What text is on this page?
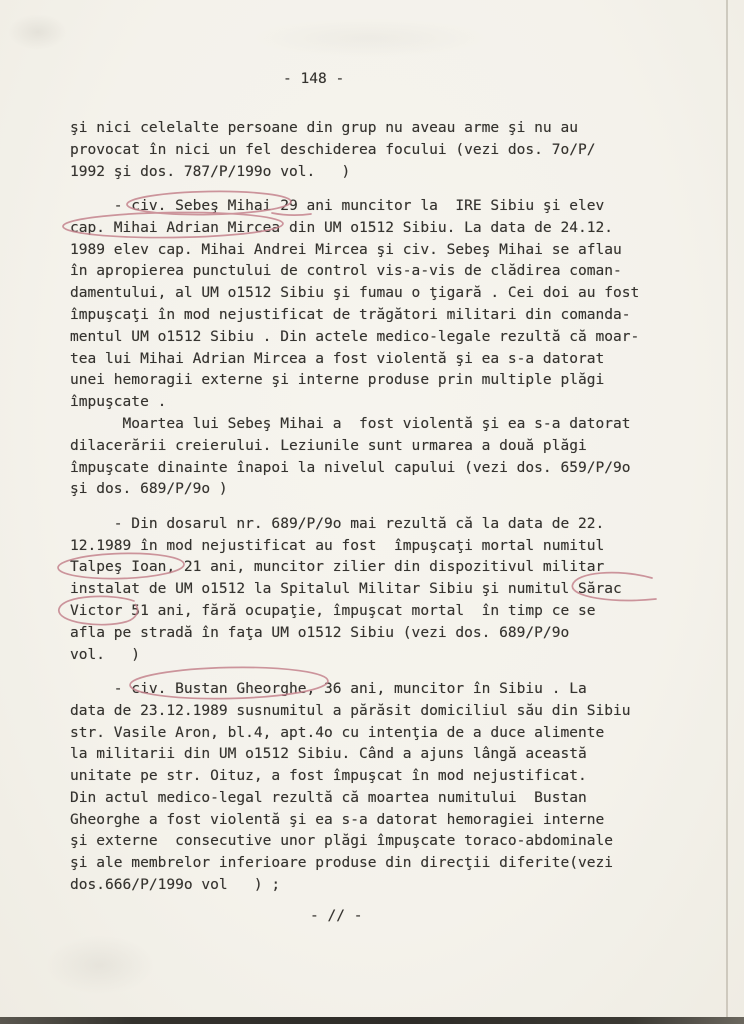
- 148 -
şi nici celelalte persoane din grup nu aveau arme şi nu au
provocat în nici un fel deschiderea focului (vezi dos. 7o/P/
1992 şi dos. 787/P/199o vol.   )
- civ. Sebeş Mihai 29 ani muncitor la  IRE Sibiu şi elev
cap. Mihai Adrian Mircea din UM o1512 Sibiu. La data de 24.12.
1989 elev cap. Mihai Andrei Mircea şi civ. Sebeş Mihai se aflau
în apropierea punctului de control vis-a-vis de clădirea coman-
damentului, al UM o1512 Sibiu şi fumau o ţigară . Cei doi au fost
împuşcaţi în mod nejustificat de trăgători militari din comanda-
mentul UM o1512 Sibiu . Din actele medico-legale rezultă că moar-
tea lui Mihai Adrian Mircea a fost violentă şi ea s-a datorat
unei hemoragii externe şi interne produse prin multiple plăgi
împuşcate .
Moartea lui Sebeş Mihai a  fost violentă şi ea s-a datorat
dilacerării creierului. Leziunile sunt urmarea a două plăgi
împuşcate dinainte înapoi la nivelul capului (vezi dos. 659/P/9o
şi dos. 689/P/9o )
- Din dosarul nr. 689/P/9o mai rezultă că la data de 22.
12.1989 în mod nejustificat au fost  împuşcaţi mortal numitul
Talpeş Ioan, 21 ani, muncitor zilier din dispozitivul militar
instalat de UM o1512 la Spitalul Militar Sibiu şi numitul Sărac
Victor 51 ani, fără ocupaţie, împuşcat mortal  în timp ce se
afla pe stradă în faţa UM o1512 Sibiu (vezi dos. 689/P/9o
vol.   )
- civ. Bustan Gheorghe, 36 ani, muncitor în Sibiu . La
data de 23.12.1989 susnumitul a părăsit domiciliul său din Sibiu
str. Vasile Aron, bl.4, apt.4o cu intenţia de a duce alimente
la militarii din UM o1512 Sibiu. Când a ajuns lângă această
unitate pe str. Oituz, a fost împuşcat în mod nejustificat.
Din actul medico-legal rezultă că moartea numitului  Bustan
Gheorghe a fost violentă şi ea s-a datorat hemoragiei interne
şi externe  consecutive unor plăgi împuşcate toraco-abdominale
şi ale membrelor inferioare produse din direcţii diferite(vezi
dos.666/P/199o vol   ) ;
- // -
